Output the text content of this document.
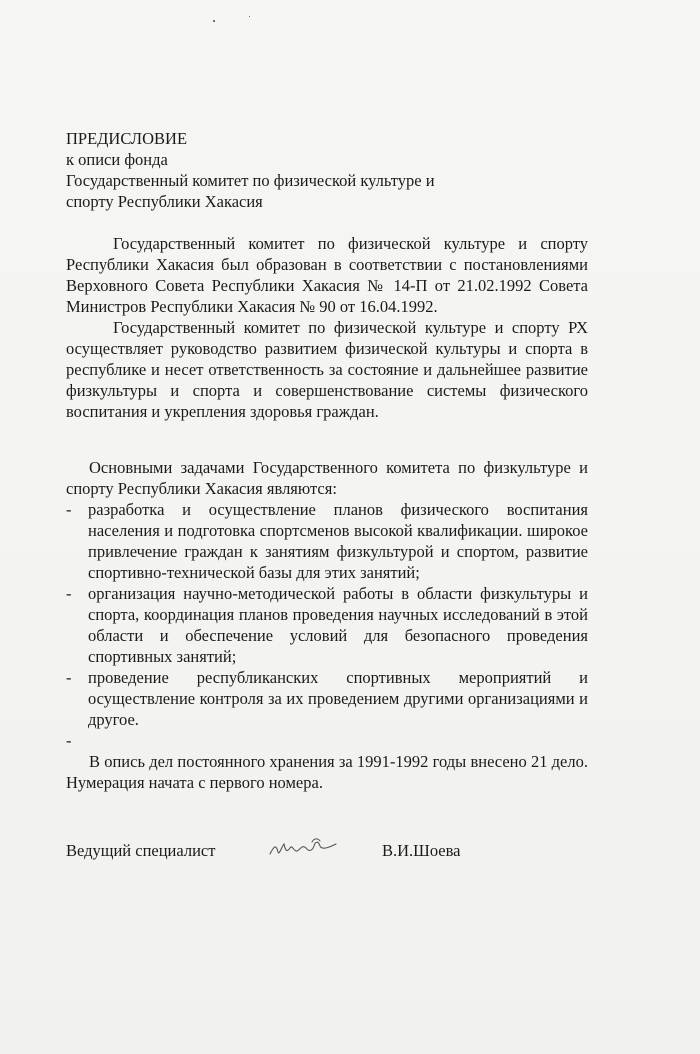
ПРЕДИСЛОВИЕ
к описи фонда
Государственный комитет по физической культуре и
спорту Республики Хакасия

Государственный комитет по физической культуре и спорту Республики Хакасия был образован в соответствии с постановлениями Верховного Совета Республики Хакасия № 14-П от 21.02.1992 Совета Министров Республики Хакасия № 90 от 16.04.1992.

Государственный комитет по физической культуре и спорту РХ осуществляет руководство развитием физической культуры и спорта в республике и несет ответственность за состояние и дальнейшее развитие физкультуры и спорта и совершенствование системы физического воспитания и укрепления здоровья граждан.

Основными задачами Государственного комитета по физкультуре и спорту Республики Хакасия являются:

- разработка и осуществление планов физического воспитания населения и подготовка спортсменов высокой квалификации. широкое привлечение граждан к занятиям физкультурой и спортом, развитие спортивно-технической базы для этих занятий;
- организация научно-методической работы в области физкультуры и спорта, координация планов проведения научных исследований в этой области и обеспечение условий для безопасного проведения спортивных занятий;
- проведение республиканских спортивных мероприятий и осуществление контроля за их проведением другими организациями и другое.
-

В опись дел постоянного хранения за 1991-1992 годы внесено 21 дело. Нумерация начата с первого номера.

Ведущий специалист	В.И.Шоева
